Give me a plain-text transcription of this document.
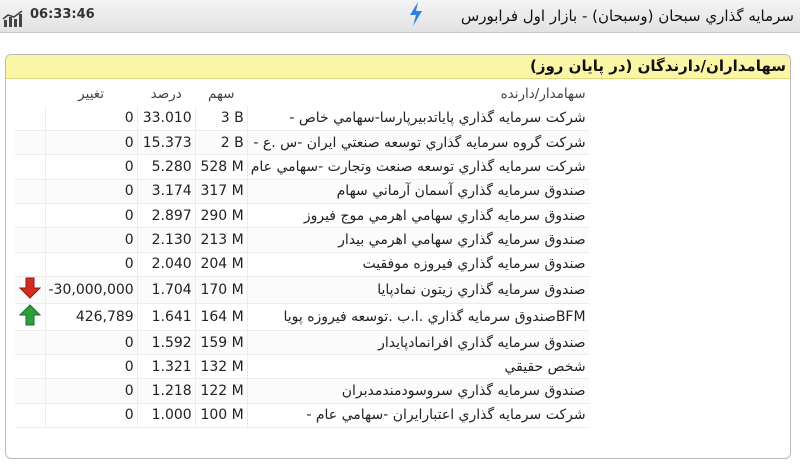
06:33:46	سرمايه گذاري سبحان (وسبحان) - بازار اول فرابورس
سهامداران/دارندگان (در پایان روز)
	تغییر	درصد	سهم	سهامدار/دارنده
	0	33.010	3 B	شركت سرمايه گذاري پاياتدبيرپارسا-سهامي خاص -
	0	15.373	2 B	شركت گروه سرمايه گذاري توسعه صنعتي ايران -س .ع -
	0	5.280	528 M	شركت سرمايه گذاري توسعه صنعت وتجارت -سهامي عام
	0	3.174	317 M	صندوق سرمايه گذاري آسمان آرماني سهام
	0	2.897	290 M	صندوق سرمايه گذاري سهامي اهرمي موج فيروز
	0	2.130	213 M	صندوق سرمايه گذاري سهامي اهرمي بيدار
	0	2.040	204 M	صندوق سرمايه گذاري فيروزه موفقيت
	-30,000,000	1.704	170 M	صندوق سرمايه گذاري زيتون نمادپايا
	426,789	1.641	164 M	BFMصندوق سرمايه گذاري .ا.ب .توسعه فيروزه پويا
	0	1.592	159 M	صندوق سرمايه گذاري افرانمادپايدار
	0	1.321	132 M	شخص حقيقي
	0	1.218	122 M	صندوق سرمايه گذاري سروسودمندمدبران
	0	1.000	100 M	شركت سرمايه گذاري اعتبارايران -سهامي عام -
